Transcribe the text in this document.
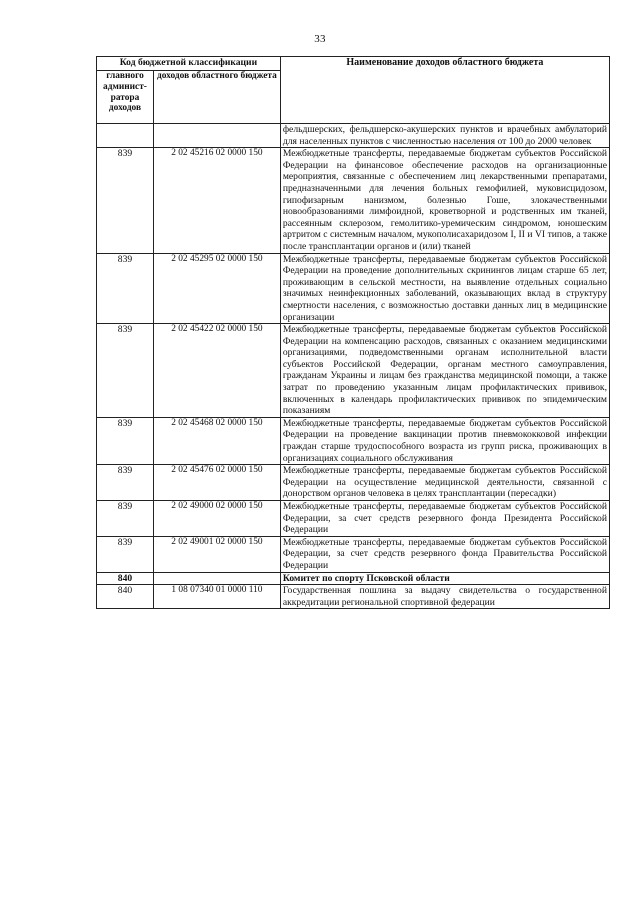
33
Код бюджетной классификации		Наименование доходов областного бюджета
главного админист-ратора доходов	доходов областного бюджета	
		фельдшерских, фельдшерско-акушерских пунктов и врачебных амбулаторий для населенных пунктов с численностью населения от 100 до 2000 человек
839	2 02 45216 02 0000 150	Межбюджетные трансферты, передаваемые бюджетам субъектов Российской Федерации на финансовое обеспечение расходов на организационные мероприятия, связанные с обеспечением лиц лекарственными препаратами, предназначенными для лечения больных гемофилией, муковисцидозом, гипофизарным нанизмом, болезнью Гоше, злокачественными новообразованиями лимфоидной, кроветворной и родственных им тканей, рассеянным склерозом, гемолитико-уремическим синдромом, юношеским артритом с системным началом, мукополисахаридозом I, II и VI типов, а также после трансплантации органов и (или) тканей
839	2 02 45295 02 0000 150	Межбюджетные трансферты, передаваемые бюджетам субъектов Российской Федерации на проведение дополнительных скринингов лицам старше 65 лет, проживающим в сельской местности, на выявление отдельных социально значимых неинфекционных заболеваний, оказывающих вклад в структуру смертности населения, с возможностью доставки данных лиц в медицинские организации
839	2 02 45422 02 0000 150	Межбюджетные трансферты, передаваемые бюджетам субъектов Российской Федерации на компенсацию расходов, связанных с оказанием медицинскими организациями, подведомственными органам исполнительной власти субъектов Российской Федерации, органам местного самоуправления, гражданам Украины и лицам без гражданства медицинской помощи, а также затрат по проведению указанным лицам профилактических прививок, включенных в календарь профилактических прививок по эпидемическим показаниям
839	2 02 45468 02 0000 150	Межбюджетные трансферты, передаваемые бюджетам субъектов Российской Федерации на проведение вакцинации против пневмококковой инфекции граждан старше трудоспособного возраста из групп риска, проживающих в организациях социального обслуживания
839	2 02 45476 02 0000 150	Межбюджетные трансферты, передаваемые бюджетам субъектов Российской Федерации на осуществление медицинской деятельности, связанной с донорством органов человека в целях трансплантации (пересадки)
839	2 02 49000 02 0000 150	Межбюджетные трансферты, передаваемые бюджетам субъектов Российской Федерации, за счет средств резервного фонда Президента Российской Федерации
839	2 02 49001 02 0000 150	Межбюджетные трансферты, передаваемые бюджетам субъектов Российской Федерации, за счет средств резервного фонда Правительства Российской Федерации
840		Комитет по спорту Псковской области
840	1 08 07340 01 0000 110	Государственная пошлина за выдачу свидетельства о государственной аккредитации региональной спортивной федерации
